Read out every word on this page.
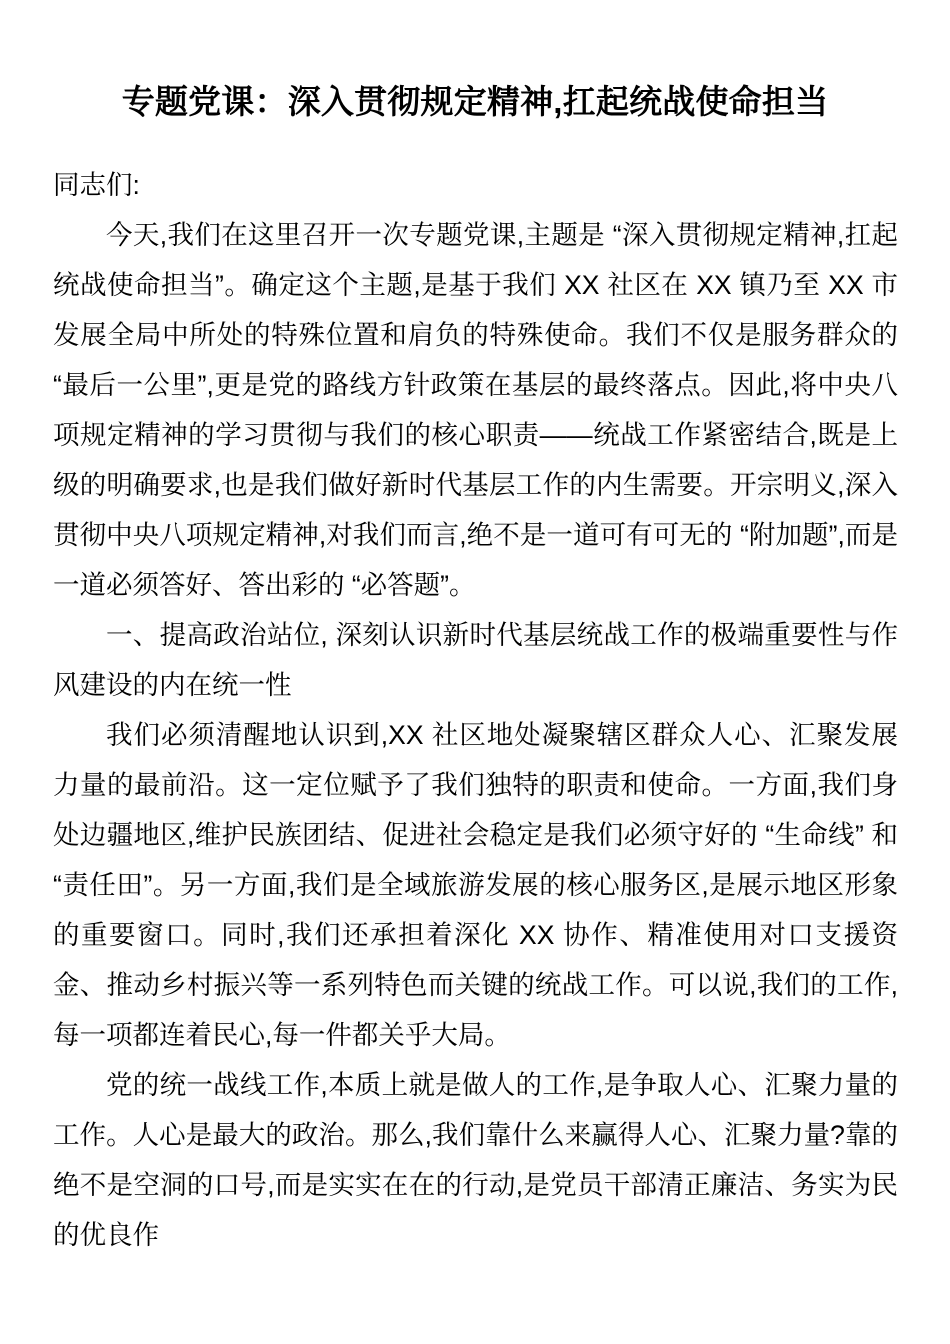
专题党课：深入贯彻规定精神,扛起统战使命担当

同志们:

今天,我们在这里召开一次专题党课,主题是 “深入贯彻规定精神,扛起统战使命担当”。确定这个主题,是基于我们 XX 社区在 XX 镇乃至 XX 市发展全局中所处的特殊位置和肩负的特殊使命。我们不仅是服务群众的 “最后一公里”,更是党的路线方针政策在基层的最终落点。因此,将中央八项规定精神的学习贯彻与我们的核心职责——统战工作紧密结合,既是上级的明确要求,也是我们做好新时代基层工作的内生需要。开宗明义,深入贯彻中央八项规定精神,对我们而言,绝不是一道可有可无的 “附加题”,而是一道必须答好、答出彩的 “必答题”。

一、提高政治站位, 深刻认识新时代基层统战工作的极端重要性与作风建设的内在统一性

我们必须清醒地认识到,XX 社区地处凝聚辖区群众人心、汇聚发展力量的最前沿。这一定位赋予了我们独特的职责和使命。一方面,我们身处边疆地区,维护民族团结、促进社会稳定是我们必须守好的 “生命线” 和 “责任田”。另一方面,我们是全域旅游发展的核心服务区,是展示地区形象的重要窗口。同时,我们还承担着深化 XX 协作、精准使用对口支援资金、推动乡村振兴等一系列特色而关键的统战工作。可以说,我们的工作,每一项都连着民心,每一件都关乎大局。

党的统一战线工作,本质上就是做人的工作,是争取人心、汇聚力量的工作。人心是最大的政治。那么,我们靠什么来赢得人心、汇聚力量?靠的绝不是空洞的口号,而是实实在在的行动,是党员干部清正廉洁、务实为民的优良作
